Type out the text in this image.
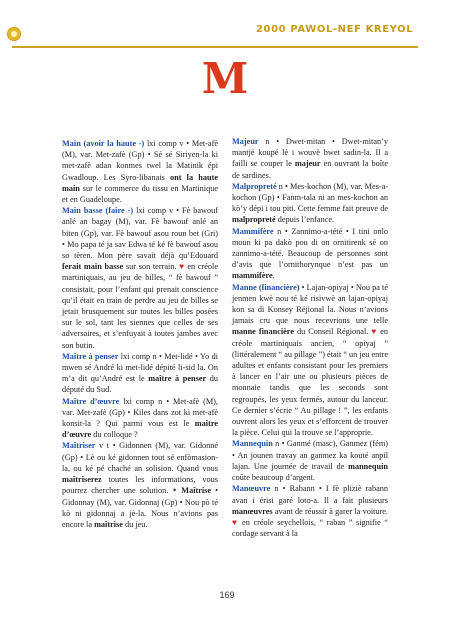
2000 PAWOL-NEF KREYOL
M

Main (avoir la haute -) lxi comp v • Met-afè (M), var. Met-zafè (Gp) • Sé sé Siriyen-la ki met-zafè adan konmes twel la Matinik épi Gwadloup. Les Syro-libanais ont la haute main sur le commerce du tissu en Martinique et en Guadeloupe.

Main basse (faire -) lxi comp v • Fè bawouf anlé an bagay (M), var. Fè bawouf anlé an biten (Gp), var. Fè bawouf asou roun bet (Gri) • Mo papa té ja sav Edwa té ké fè bawouf asou so tèren. Mon père savait déjà qu’Edouard ferait main basse sur son terrain. ♥ en créole martiniquais, au jeu de billes, “ fè bawouf ” consistait, pour l’enfant qui prenait conscience qu’il était en train de perdre au jeu de billes se jetait brusquement sur toutes les billes posées sur le sol, tant les siennes que celles de ses adversaires, et s’enfuyait à toutes jambes avec son butin.

Maître à penser lxi comp n • Met-lidé • Yo di mwen sé André ki met-lidé dépité li-sid la. On m’a dit qu’André est le maître à penser du député du Sud.

Maître d’œuvre lxi comp n • Met-afè (M), var. Met-zafè (Gp) • Kiles dans zot ki met-afè konsit-la ? Qui parmi vous est le maître d’œuvre du colloque ?

Maîtriser v t • Gidonnen (M), var. Gidonné (Gp) • Lè ou ké gidonnen tout sé enfòmasion-la, ou ké pé chaché an solision. Quand vous maîtriserez toutes les informations, vous pourrez chercher une solution. ‣ Maîtrise • Gidonnay (M), var. Gidonnaj (Gp) • Nou pò té kò ni gidonnaj a jè-la. Nous n’avions pas encore la maîtrise du jeu.

Majeur n • Dwet-mitan • Dwet-mitan’y mantjé koupé lè i wouvè bwet sadin-la. Il a failli se couper le majeur en ouvrant la boîte de sardines.

Malpropreté n • Mes-kochon (M), var. Mes-a-kochon (Gp) • Fanm-tala ni an mes-kochon an kò’y dépi i tou piti. Cette femme fait preuve de malpropreté depuis l’enfance.

Mammifère n • Zannimo-a-tété • I tini onlo moun ki pa dakò pou di on ornitirenk sé on zannimo-a-tété. Beaucoup de personnes sont d’avis que l’ornithorynque n’est pas un mammifère.

Manne (financière) • Lajan-opiyaj • Nou pa té jenmen kwè nou té ké risivwè an lajan-opiyaj kon sa di Konsey Réjional la. Nous n’avions jamais cru que nous recevrions une telle manne financière du Conseil Régional. ♥ en créole martiniquais ancien, “ opiyaj ” (littéralement “ au pillage ”) était “ un jeu entre adultes et enfants consistant pour les premiers à lancer en l’air une ou plusieurs pièces de monnaie tandis que les seconds sont regroupés, les yeux fermés, autour du lanceur. Ce dernier s’écrie “ Au pillage ! ”, les enfants ouvrent alors les yeux et s’efforcent de trouver la pièce. Celui qui la trouve se l’approprie.

Mannequin n • Ganmé (masc), Ganmez (fém) • An jounen travay an ganmez ka kouté anpil lajan. Une journée de travail de mannequin coûte beaucoup d’argent.

Manœuvre n • Rabann • I fè pliziè rabann avan i érisi garé loto-a. Il a fait plusieurs manœuvres avant de réussir à garer la voiture. ♥ en créole seychellois, “ raban ” signifie “ cordage servant à la

169
